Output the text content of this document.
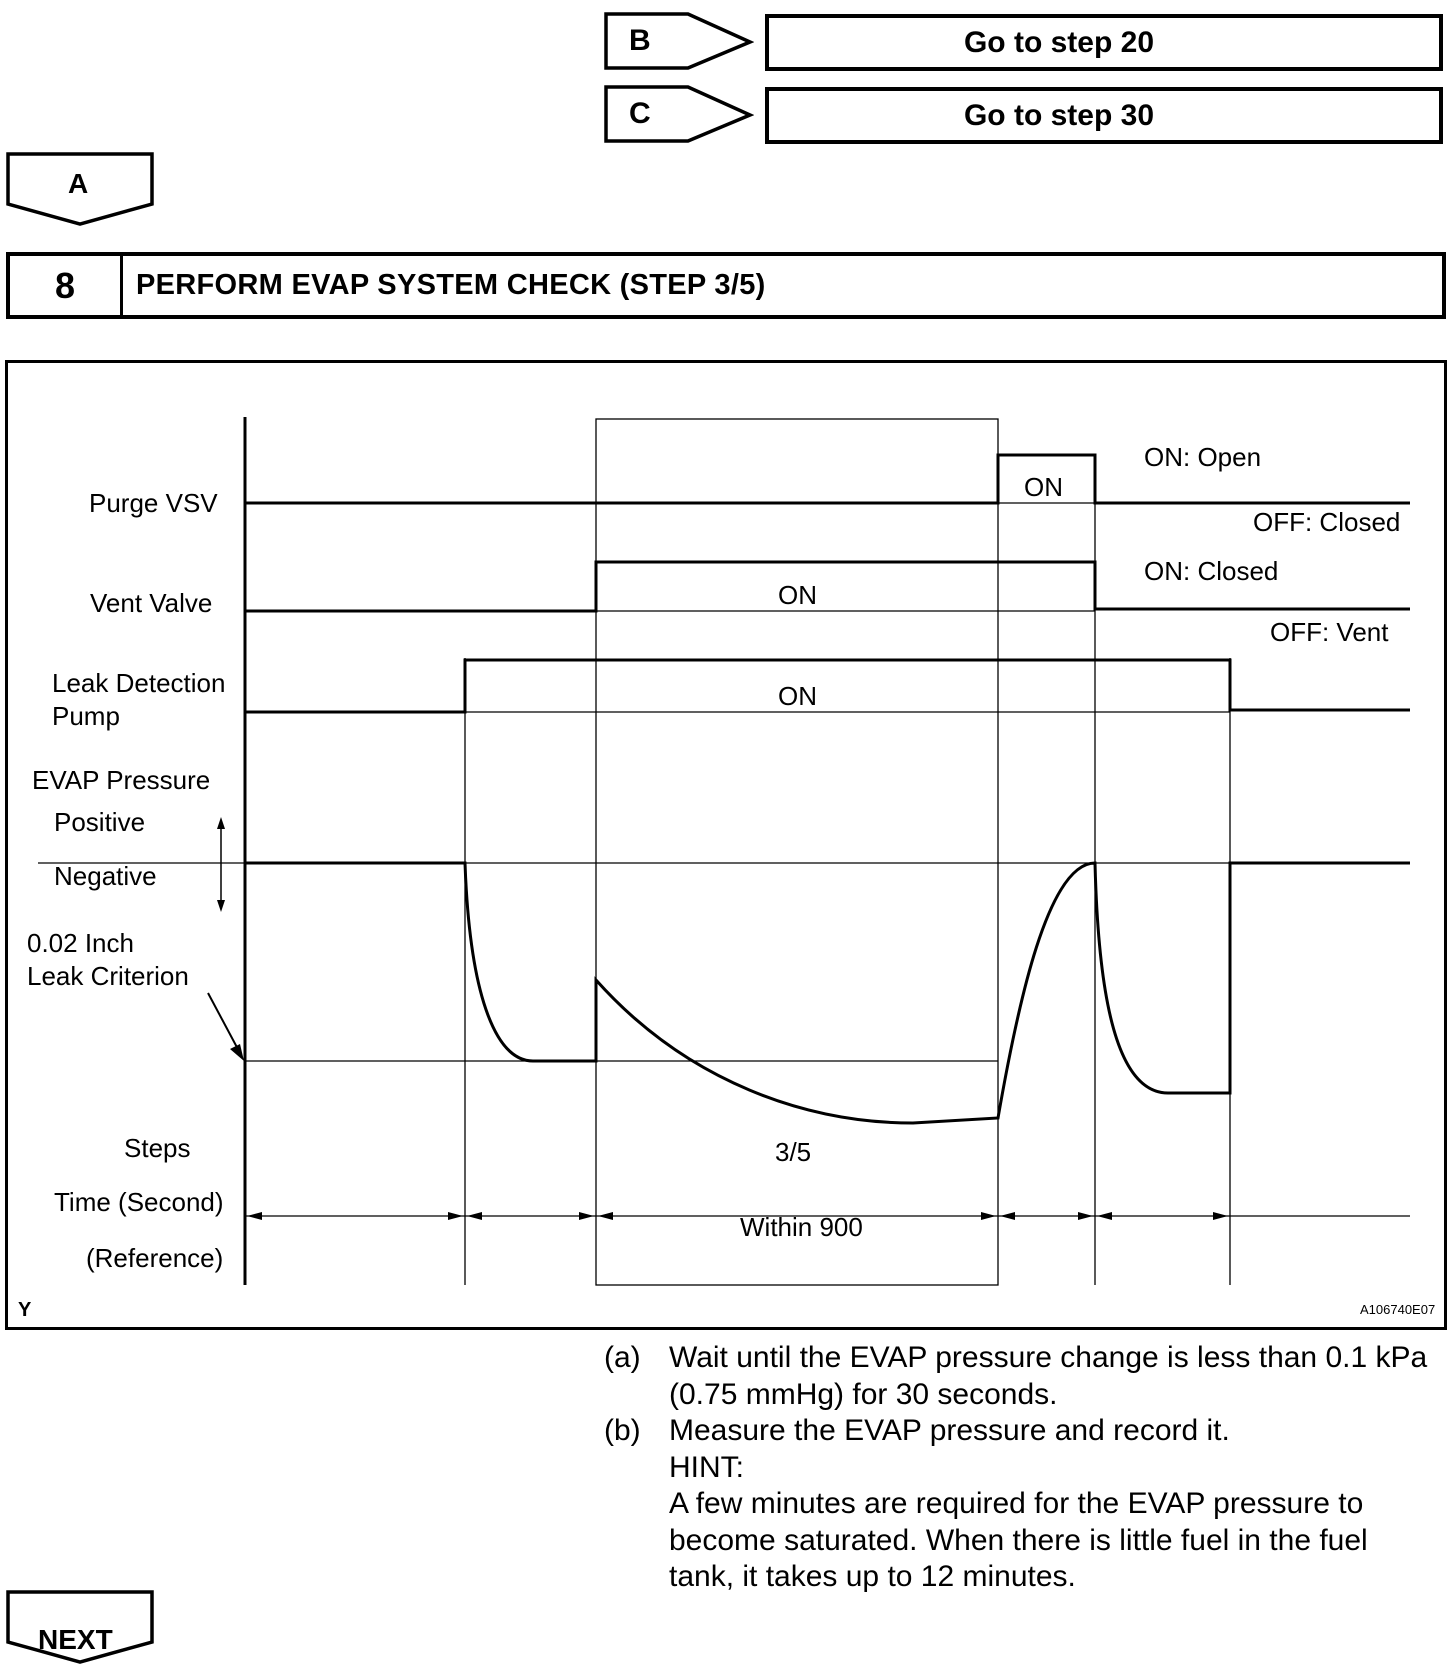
B	Go to step 20
C	Go to step 30
A
8	PERFORM EVAP SYSTEM CHECK (STEP 3/5)
Purge VSV
Vent Valve
Leak Detection
Pump
EVAP Pressure
Positive
Negative
0.02 Inch
Leak Criterion
Steps
Time (Second)
(Reference)
ON
ON
ON
ON: Open
OFF: Closed
ON: Closed
OFF: Vent
3/5
Within 900
Y	A106740E07
(a) Wait until the EVAP pressure change is less than 0.1 kPa
(0.75 mmHg) for 30 seconds.
(b) Measure the EVAP pressure and record it.
HINT:
A few minutes are required for the EVAP pressure to
become saturated. When there is little fuel in the fuel
tank, it takes up to 12 minutes.
NEXT
